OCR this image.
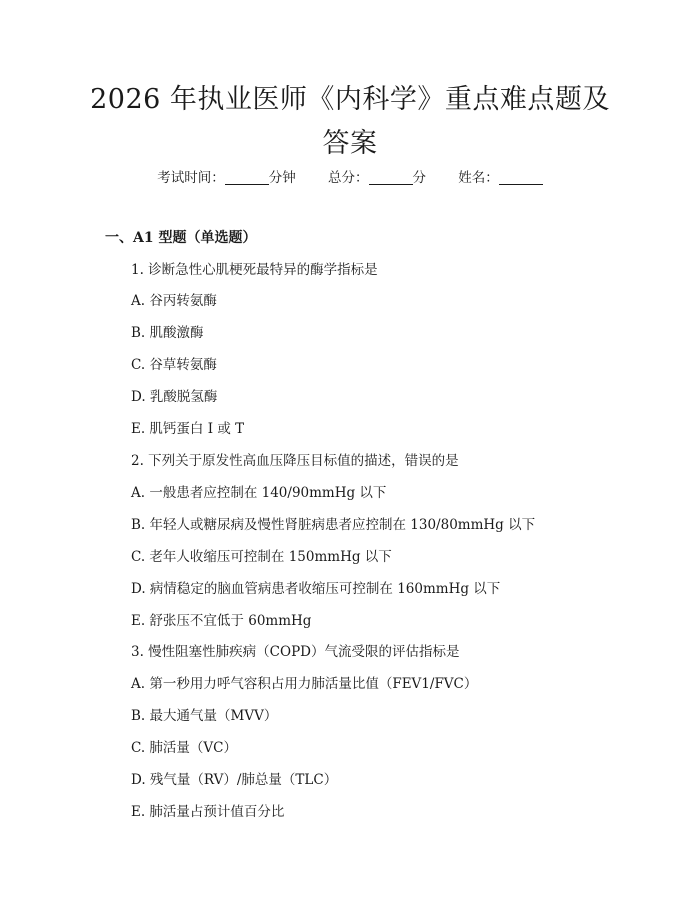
2026 年执业医师《内科学》重点难点题及答案
考试时间：	分钟 总分：	分 姓名：
一、A1 型题（单选题）
1. 诊断急性心肌梗死最特异的酶学指标是
A. 谷丙转氨酶
B. 肌酸激酶
C. 谷草转氨酶
D. 乳酸脱氢酶
E. 肌钙蛋白 I 或 T
2. 下列关于原发性高血压降压目标值的描述，错误的是
A. 一般患者应控制在 140/90mmHg 以下
B. 年轻人或糖尿病及慢性肾脏病患者应控制在 130/80mmHg 以下
C. 老年人收缩压可控制在 150mmHg 以下
D. 病情稳定的脑血管病患者收缩压可控制在 160mmHg 以下
E. 舒张压不宜低于 60mmHg
3. 慢性阻塞性肺疾病（COPD）气流受限的评估指标是
A. 第一秒用力呼气容积占用力肺活量比值（FEV1/FVC）
B. 最大通气量（MVV）
C. 肺活量（VC）
D. 残气量（RV）/肺总量（TLC）
E. 肺活量占预计值百分比
